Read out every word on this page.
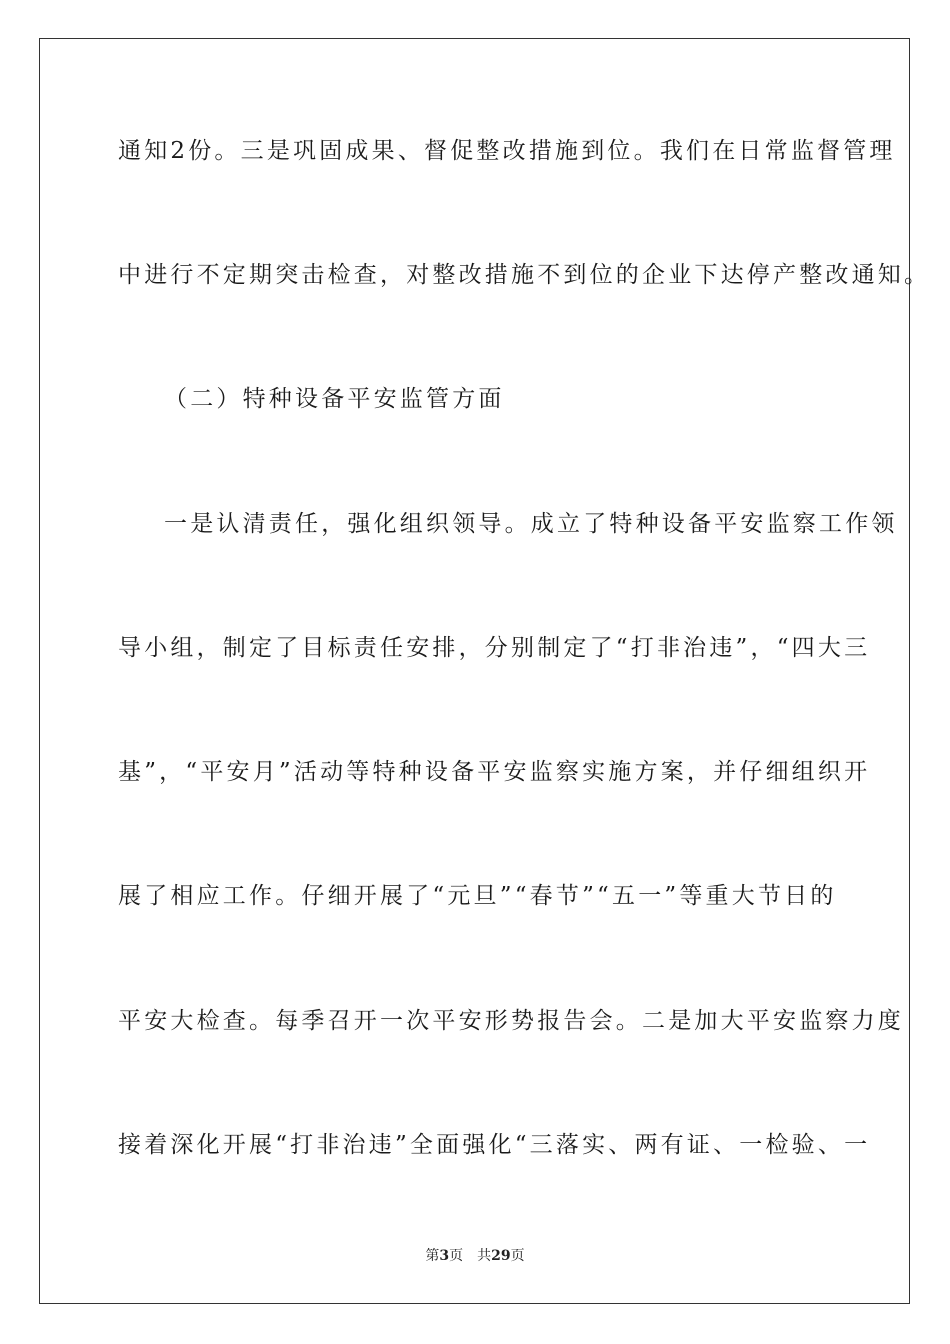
通知2份。三是巩固成果、督促整改措施到位。我们在日常监督管理

中进行不定期突击检查，对整改措施不到位的企业下达停产整改通知。

（二）特种设备平安监管方面

一是认清责任，强化组织领导。成立了特种设备平安监察工作领

导小组，制定了目标责任安排，分别制定了“打非治违”，“四大三

基”，“平安月”活动等特种设备平安监察实施方案，并仔细组织开

展了相应工作。仔细开展了“元旦”“春节”“五一”等重大节日的

平安大检查。每季召开一次平安形势报告会。二是加大平安监察力度

接着深化开展“打非治违”全面强化“三落实、两有证、一检验、一

第3页 共29页
